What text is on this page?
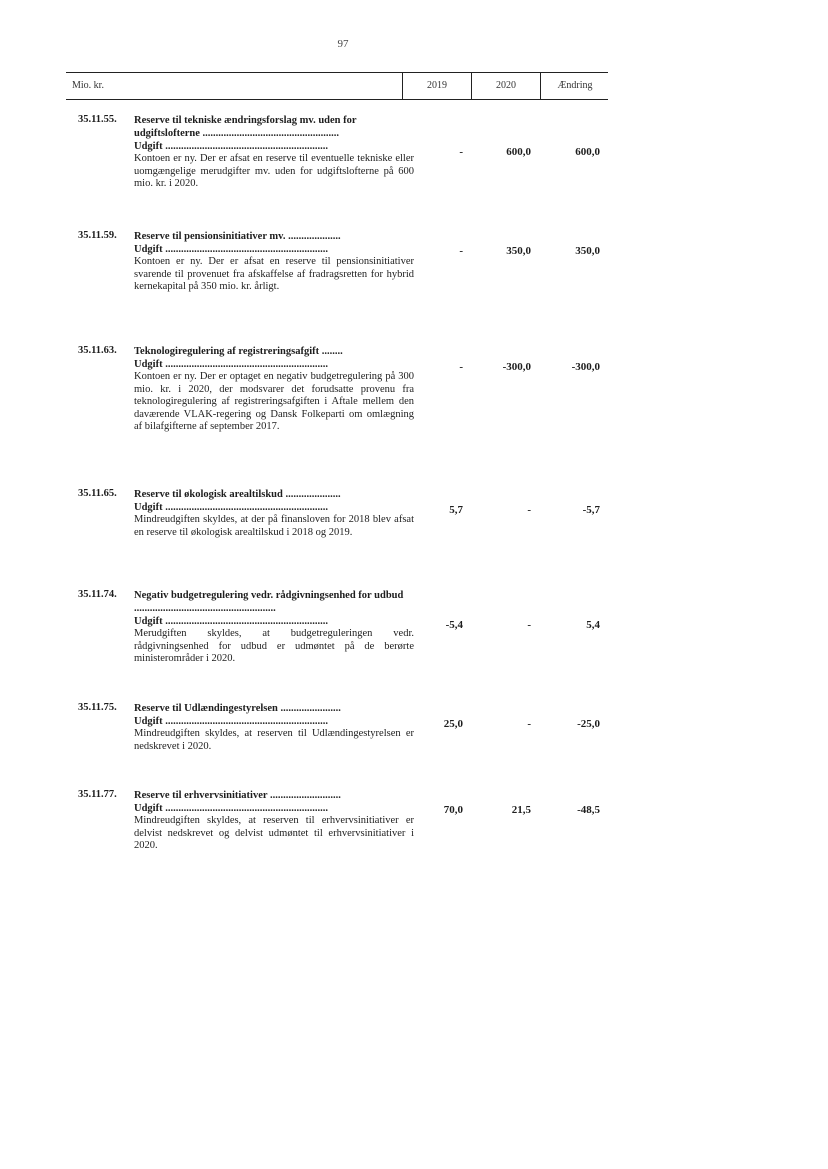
97
Mio. kr.	2019	2020	Ændring
35.11.55.	Reserve til tekniske ændringsforslag mv. uden for udgiftslofterne ....................................................
Udgift ..............................................................
Kontoen er ny. Der er afsat en reserve til eventuelle tekniske eller uomgængelige merudgifter mv. uden for udgiftslofterne på 600 mio. kr. i 2020.
-	600,0	600,0
35.11.59.	Reserve til pensionsinitiativer mv. ....................
Udgift ..............................................................
Kontoen er ny. Der er afsat en reserve til pensionsinitiativer svarende til provenuet fra afskaffelse af fradragsretten for hybrid kernekapital på 350 mio. kr. årligt.
-	350,0	350,0
35.11.63.	Teknologiregulering af registreringsafgift ........
Udgift ..............................................................
Kontoen er ny. Der er optaget en negativ budgetregulering på 300 mio. kr. i 2020, der modsvarer det forudsatte provenu fra teknologiregulering af registreringsafgiften i Aftale mellem den daværende VLAK-regering og Dansk Folkeparti om omlægning af bilafgifterne af september 2017.
-	-300,0	-300,0
35.11.65.	Reserve til økologisk arealtilskud .....................
Udgift ..............................................................
Mindreudgiften skyldes, at der på finansloven for 2018 blev afsat en reserve til økologisk arealtilskud i 2018 og 2019.
5,7	-	-5,7
35.11.74.	Negativ budgetregulering vedr. rådgivningsenhed for udbud ......................................................
Udgift ..............................................................
Merudgiften skyldes, at budgetreguleringen vedr. rådgivningsenhed for udbud er udmøntet på de berørte ministerområder i 2020.
-5,4	-	5,4
35.11.75.	Reserve til Udlændingestyrelsen .......................
Udgift ..............................................................
Mindreudgiften skyldes, at reserven til Udlændingestyrelsen er nedskrevet i 2020.
25,0	-	-25,0
35.11.77.	Reserve til erhvervsinitiativer ...........................
Udgift ..............................................................
Mindreudgiften skyldes, at reserven til erhvervsinitiativer er delvist nedskrevet og delvist udmøntet til erhvervsinitiativer i 2020.
70,0	21,5	-48,5
